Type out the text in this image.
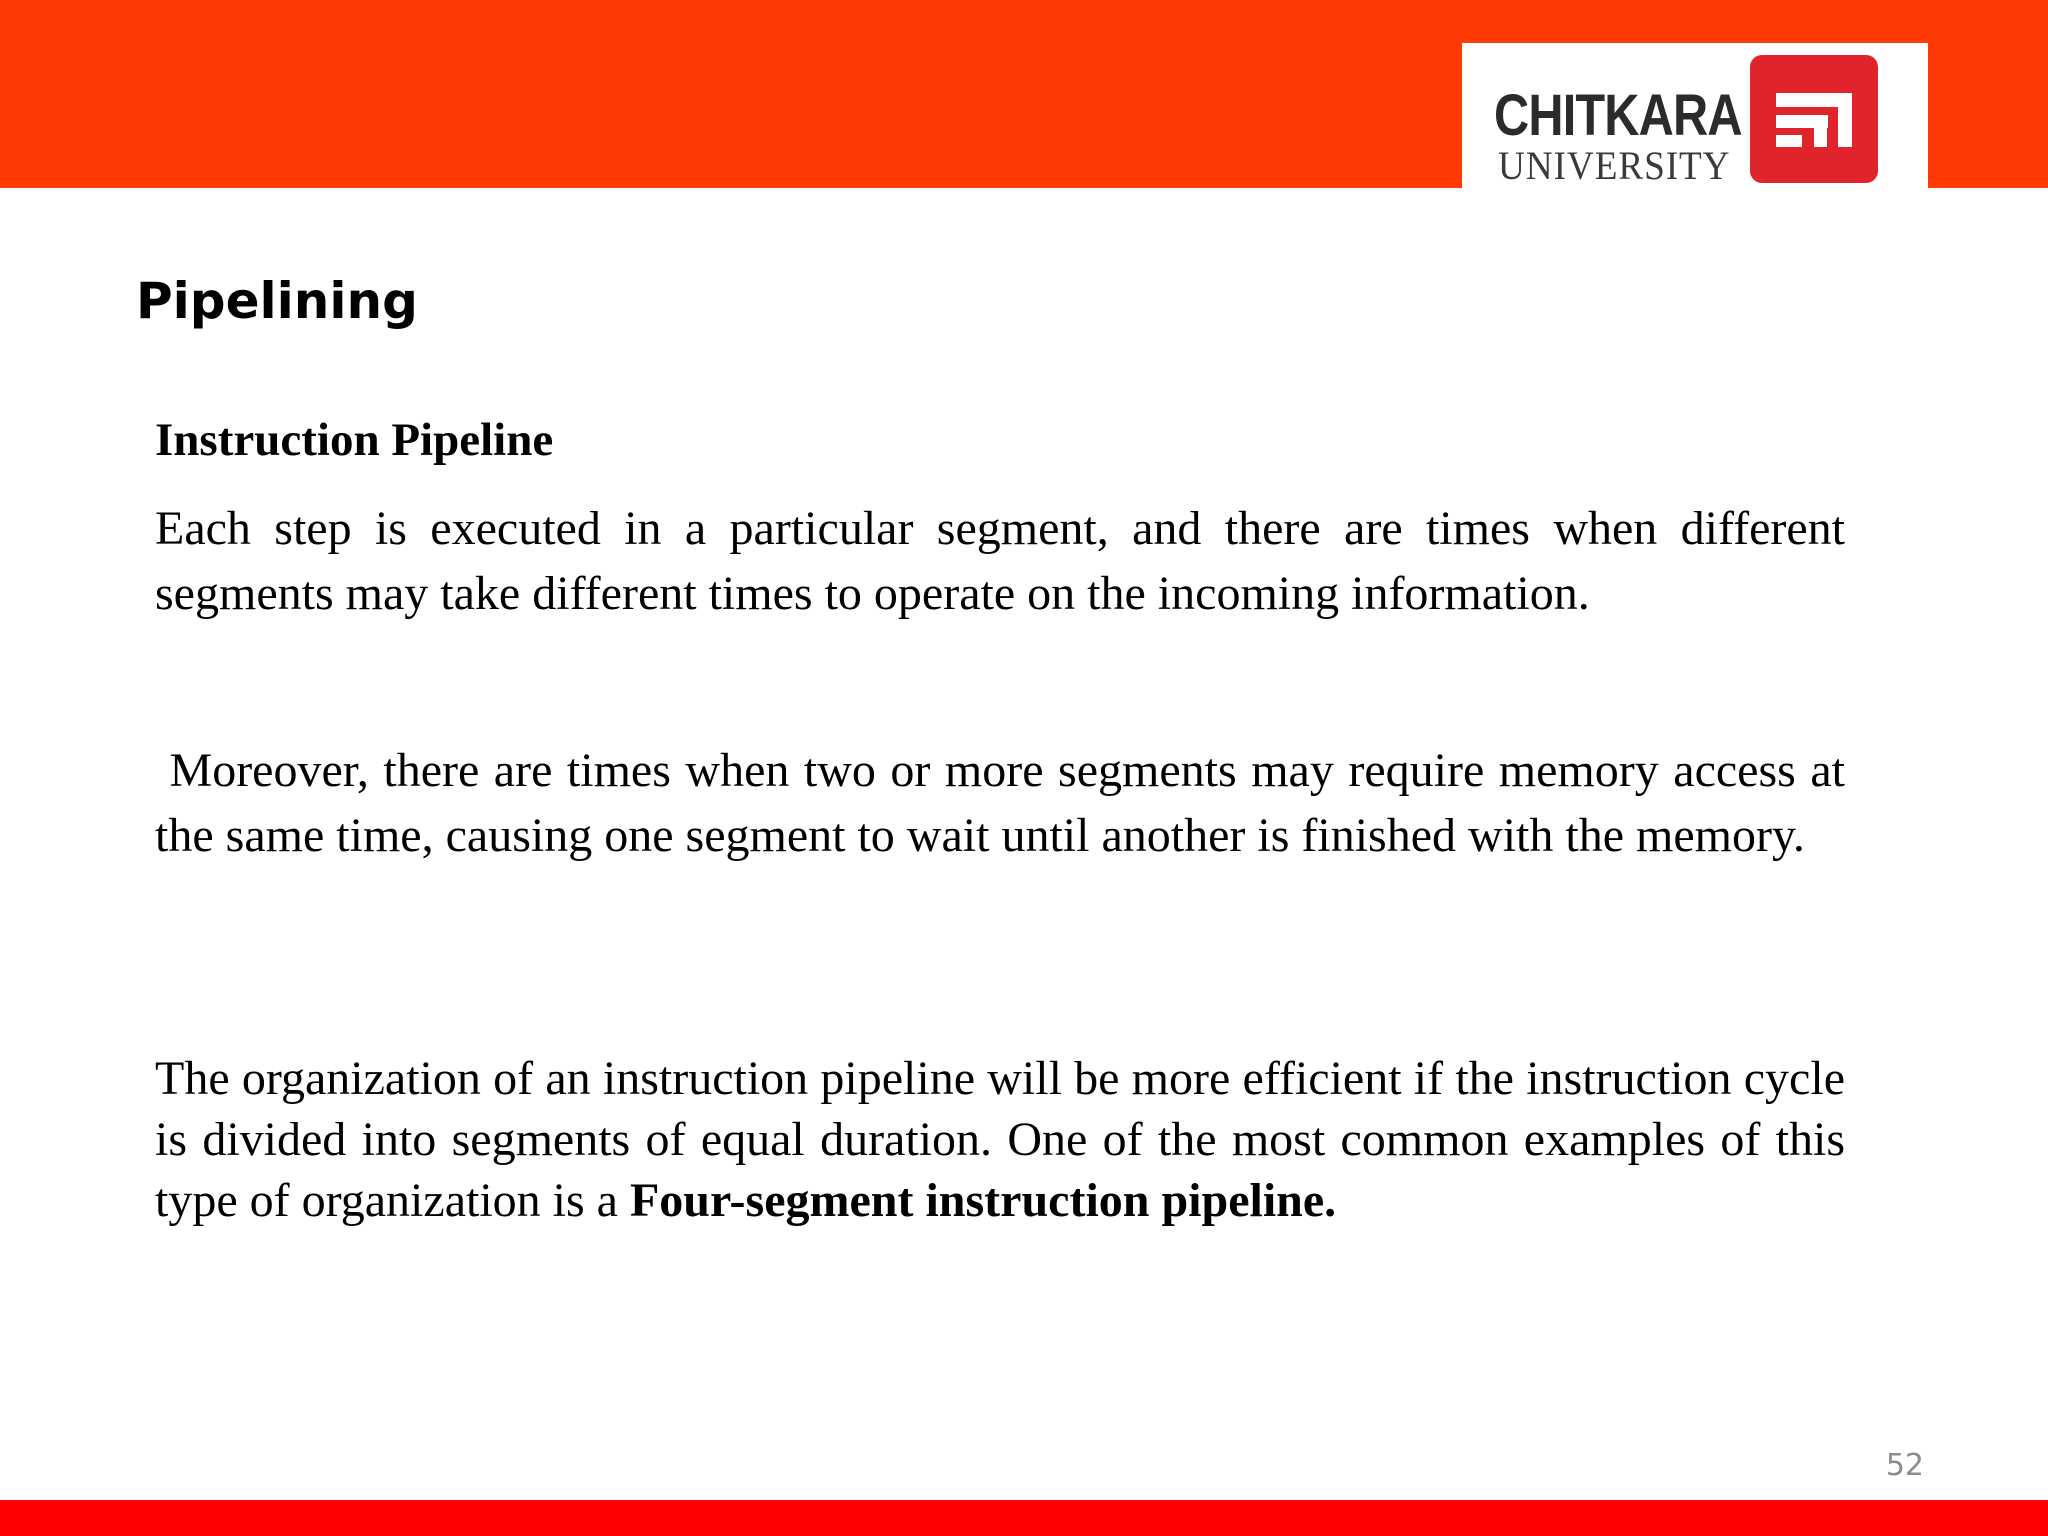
CHITKARA
UNIVERSITY
Pipelining
Instruction Pipeline

Each step is executed in a particular segment, and there are times when different segments may take different times to operate on the incoming information.

Moreover, there are times when two or more segments may require memory access at the same time, causing one segment to wait until another is finished with the memory.

The organization of an instruction pipeline will be more efficient if the instruction cycle is divided into segments of equal duration. One of the most common examples of this type of organization is a Four-segment instruction pipeline.

52
